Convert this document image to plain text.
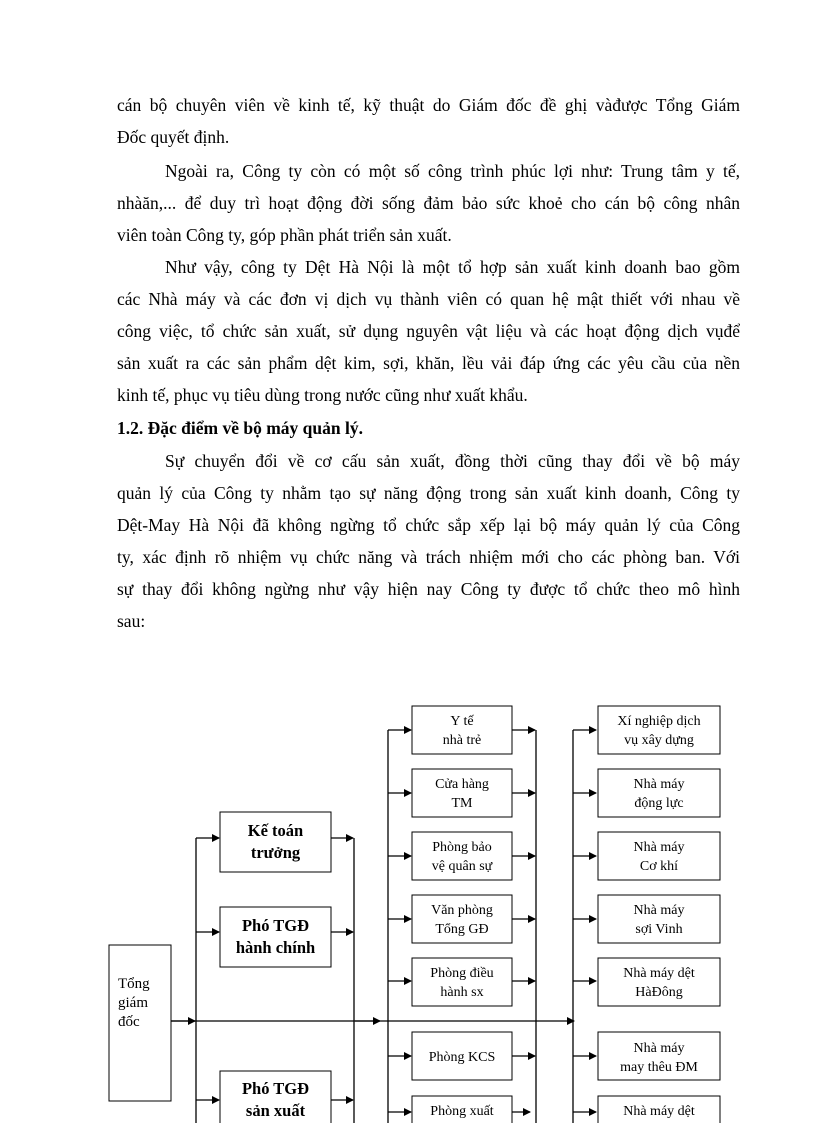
cán bộ chuyên viên về kinh tế, kỹ thuật do Giám đốc đề ghị vàđược Tổng Giám
Đốc quyết định.
Ngoài ra, Công ty còn có một số công trình phúc lợi như: Trung tâm y tế,
nhàăn,... để duy trì hoạt động đời sống đảm bảo sức khoẻ cho cán bộ công nhân
viên toàn Công ty, góp phần phát triển sản xuất.
Như vậy, công ty Dệt Hà Nội là một tổ hợp sản xuất kinh doanh bao gồm
các Nhà máy và các đơn vị dịch vụ thành viên có quan hệ mật thiết với nhau về
công việc, tổ chức sản xuất, sử dụng nguyên vật liệu và các hoạt động dịch vụđể
sản xuất ra các sản phẩm dệt kim, sợi, khăn, lều vải đáp ứng các yêu cầu của nền
kinh tế, phục vụ tiêu dùng trong nước cũng như xuất khẩu.
1.2. Đặc điểm về bộ máy quản lý.
Sự chuyển đổi về cơ cấu sản xuất, đồng thời cũng thay đổi về bộ máy
quản lý của Công ty nhằm tạo sự năng động trong sản xuất kinh doanh, Công ty
Dệt-May Hà Nội đã không ngừng tổ chức sắp xếp lại bộ máy quản lý của Công
ty, xác định rõ nhiệm vụ chức năng và trách nhiệm mới cho các phòng ban. Với
sự thay đổi không ngừng như vậy hiện nay Công ty được tổ chức theo mô hình
sau:
Tổng
giám
đốc
Kế toán
trưởng
Phó TGĐ
hành chính
Phó TGĐ
sản xuất
Y tế
nhà trẻ
Cửa hàng
TM
Phòng bảo
vệ quân sự
Văn phòng
Tổng GĐ
Phòng điều
hành sx
Phòng KCS
Phòng xuất
Xí nghiệp dịch
vụ xây dựng
Nhà máy
động lực
Nhà máy
Cơ khí
Nhà máy
sợi Vinh
Nhà máy dệt
HàĐông
Nhà máy
may thêu ĐM
Nhà máy dệt
